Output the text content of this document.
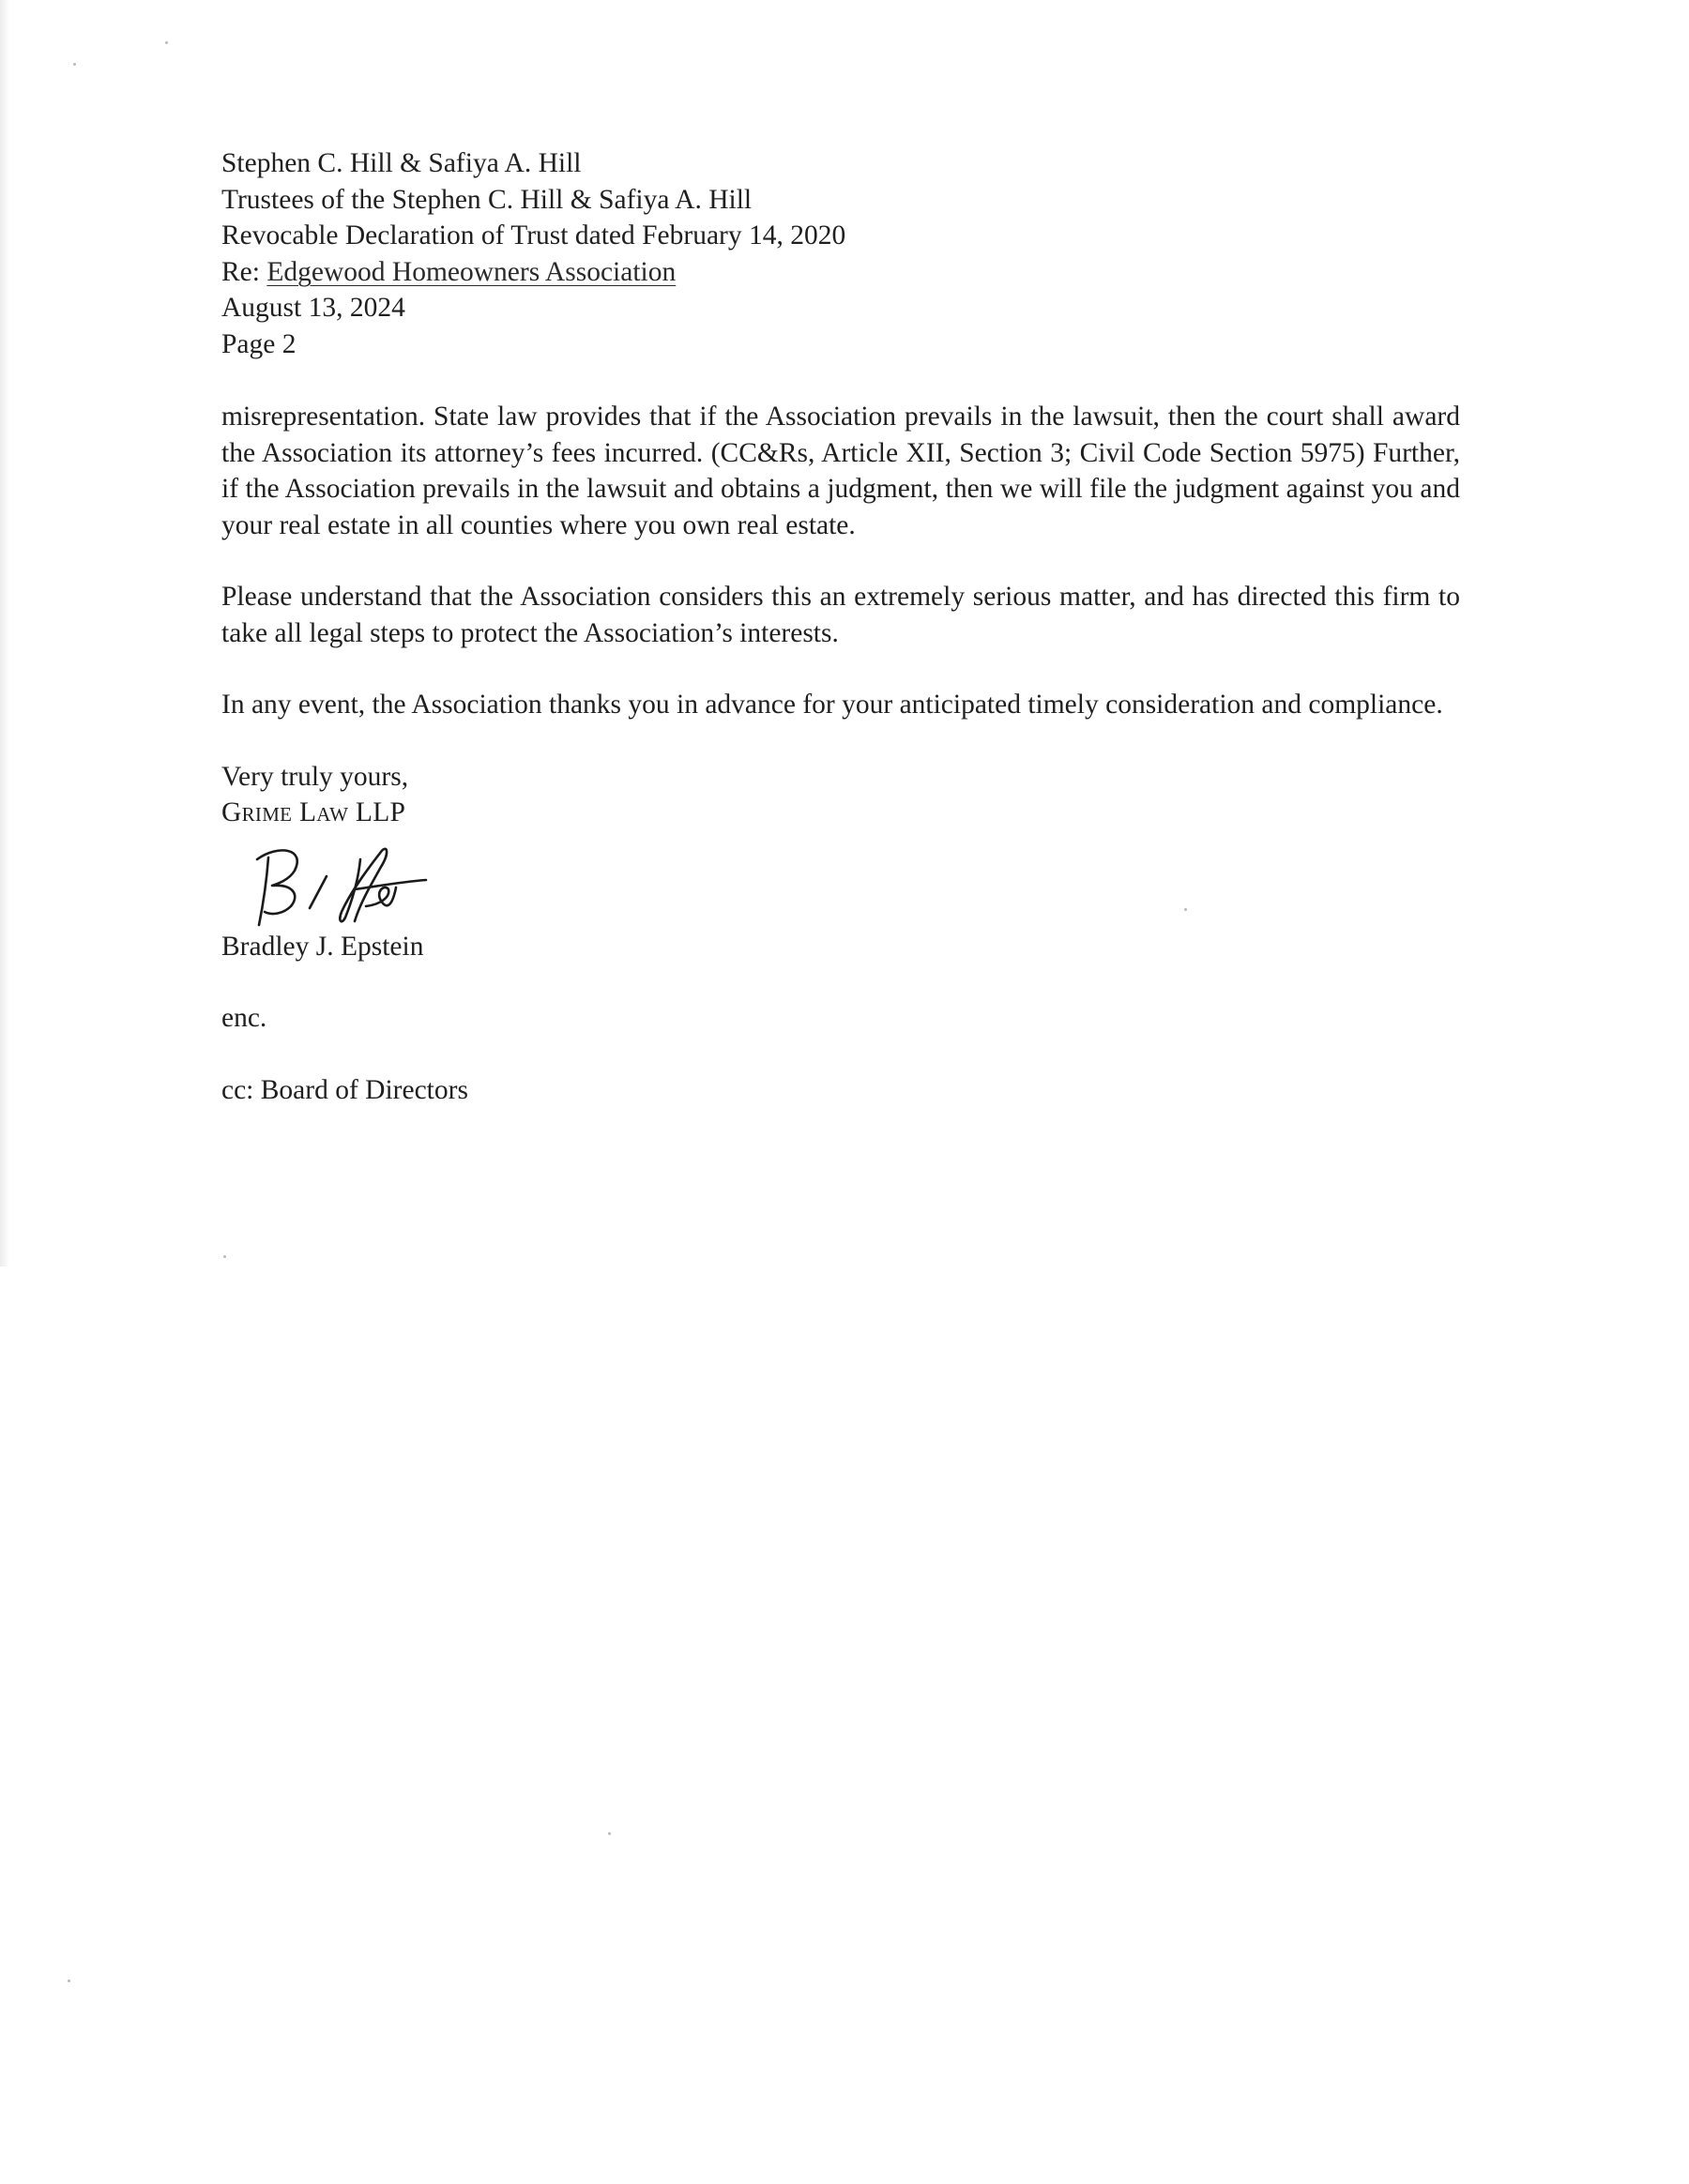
Stephen C. Hill & Safiya A. Hill
Trustees of the Stephen C. Hill & Safiya A. Hill
Revocable Declaration of Trust dated February 14, 2020
Re: Edgewood Homeowners Association
August 13, 2024
Page 2

misrepresentation. State law provides that if the Association prevails in the lawsuit, then the court shall award the Association its attorney’s fees incurred. (CC&Rs, Article XII, Section 3; Civil Code Section 5975) Further, if the Association prevails in the lawsuit and obtains a judgment, then we will file the judgment against you and your real estate in all counties where you own real estate.

Please understand that the Association considers this an extremely serious matter, and has directed this firm to take all legal steps to protect the Association’s interests.

In any event, the Association thanks you in advance for your anticipated timely consideration and compliance.

Very truly yours,
Grime Law LLP
Bradley J. Epstein
enc.
cc: Board of Directors
